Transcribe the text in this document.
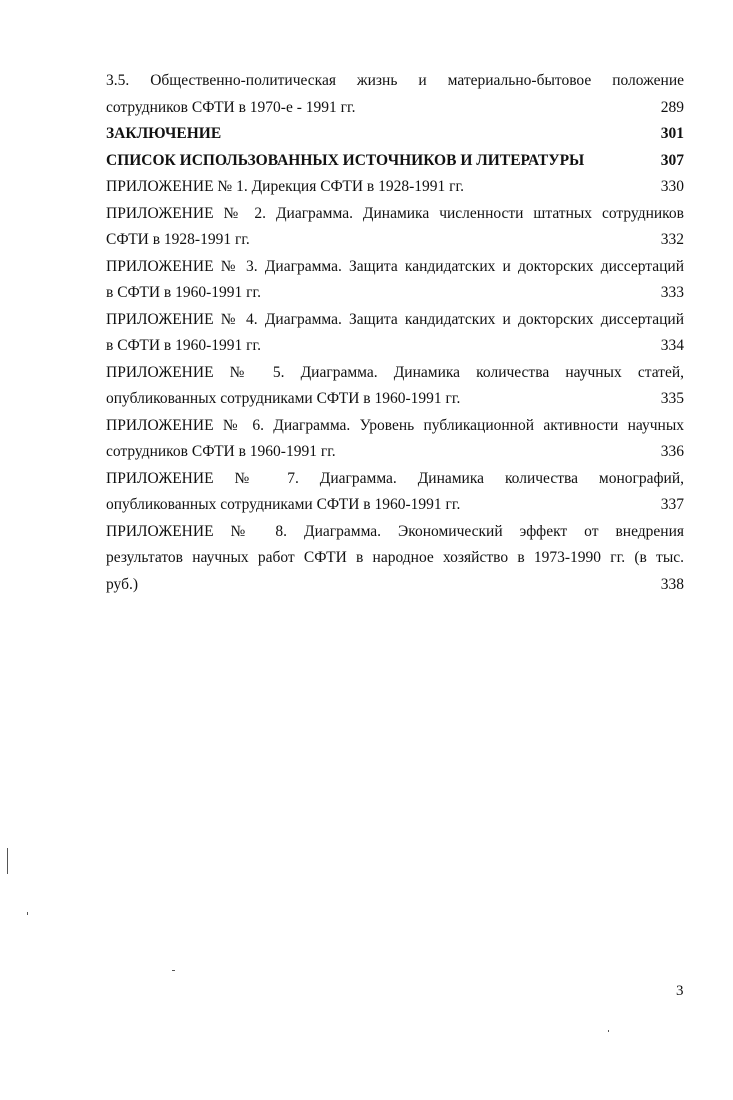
3.5. Общественно-политическая жизнь и материально-бытовое положение
сотрудников СФТИ в 1970-е - 1991 гг.	289
ЗАКЛЮЧЕНИЕ	301
СПИСОК ИСПОЛЬЗОВАННЫХ ИСТОЧНИКОВ И ЛИТЕРАТУРЫ	307
ПРИЛОЖЕНИЕ № 1. Дирекция СФТИ в 1928-1991 гг.	330
ПРИЛОЖЕНИЕ № 2. Диаграмма. Динамика численности штатных сотрудников
СФТИ в 1928-1991 гг.	332
ПРИЛОЖЕНИЕ № 3. Диаграмма. Защита кандидатских и докторских диссертаций
в СФТИ в 1960-1991 гг.	333
ПРИЛОЖЕНИЕ № 4. Диаграмма. Защита кандидатских и докторских диссертаций
в СФТИ в 1960-1991 гг.	334
ПРИЛОЖЕНИЕ № 5. Диаграмма. Динамика количества научных статей,
опубликованных сотрудниками СФТИ в 1960-1991 гг.	335
ПРИЛОЖЕНИЕ № 6. Диаграмма. Уровень публикационной активности научных
сотрудников СФТИ в 1960-1991 гг.	336
ПРИЛОЖЕНИЕ № 7. Диаграмма. Динамика количества монографий,
опубликованных сотрудниками СФТИ в 1960-1991 гг.	337
ПРИЛОЖЕНИЕ № 8. Диаграмма. Экономический эффект от внедрения
результатов научных работ СФТИ в народное хозяйство в 1973-1990 гг. (в тыс.
руб.)	338
3
